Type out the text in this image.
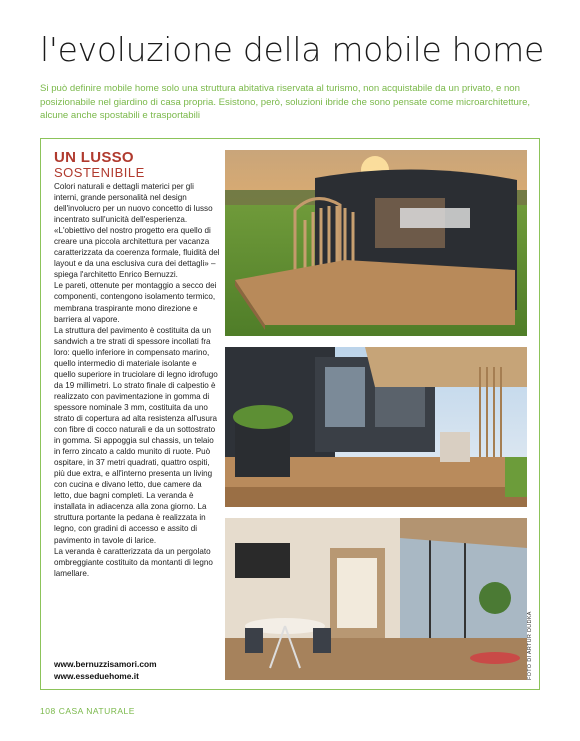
l'evoluzione della mobile home

Si può definire mobile home solo una struttura abitativa riservata al turismo, non acquistabile da un privato, e non posizionabile nel giardino di casa propria. Esistono, però, soluzioni ibride che sono pensate come microarchitetture, alcune anche spostabili e trasportabili

UN LUSSO
SOSTENIBILE

Colori naturali e dettagli materici per gli interni, grande personalità nel design dell'involucro per un nuovo concetto di lusso incentrato sull'unicità dell'esperienza. «L'obiettivo del nostro progetto era quello di creare una piccola architettura per vacanza caratterizzata da coerenza formale, fluidità del layout e da una esclusiva cura dei dettagli» – spiega l'architetto Enrico Bernuzzi.

Le pareti, ottenute per montaggio a secco dei componenti, contengono isolamento termico, membrana traspirante mono direzione e barriera al vapore.

La struttura del pavimento è costituita da un sandwich a tre strati di spessore incollati fra loro: quello inferiore in compensato marino, quello intermedio di materiale isolante e quello superiore in truciolare di legno idrofugo da 19 millimetri. Lo strato finale di calpestio è realizzato con pavimentazione in gomma di spessore nominale 3 mm, costituita da uno strato di copertura ad alta resistenza all'usura con fibre di cocco naturali e da un sottostrato in gomma. Si appoggia sul chassis, un telaio in ferro zincato a caldo munito di ruote. Può ospitare, in 37 metri quadrati, quattro ospiti, più due extra, e all'interno presenta un living con cucina e divano letto, due camere da letto, due bagni completi. La veranda è installata in adiacenza alla zona giorno. La struttura portante la pedana è realizzata in legno, con gradini di accesso e assito di pavimento in tavole di larice.

La veranda è caratterizzata da un pergolato ombreggiante costituito da montanti di legno lamellare.

www.bernuzzisamori.com
www.esseduehome.it	FOTO DI ARTUR DUDKA
108 CASA NATURALE
